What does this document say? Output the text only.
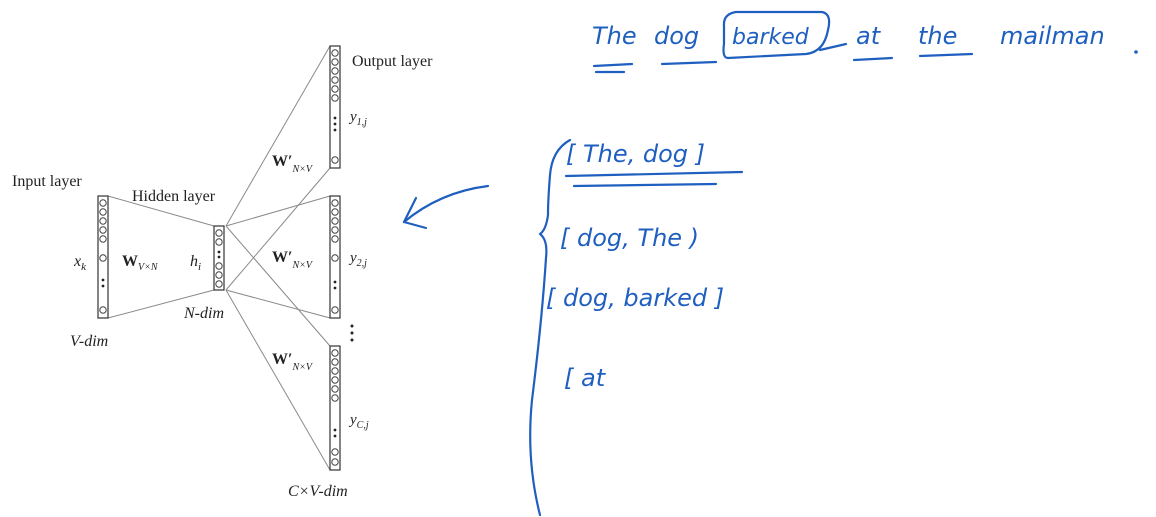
Input layer
Hidden layer
Output layer
$x_k$	$h_i$
$W_{V\times N}$
$W'_{N\times V}$
$W'_{N\times V}$
$W'_{N\times V}$
$y_{1,j}$
$y_{2,j}$
$y_{C,j}$
V-dim
N-dim
C×V-dim
The dog barked at the mailman
[ The, dog ]
[ dog, The )
[ dog, barked ]
[ at
